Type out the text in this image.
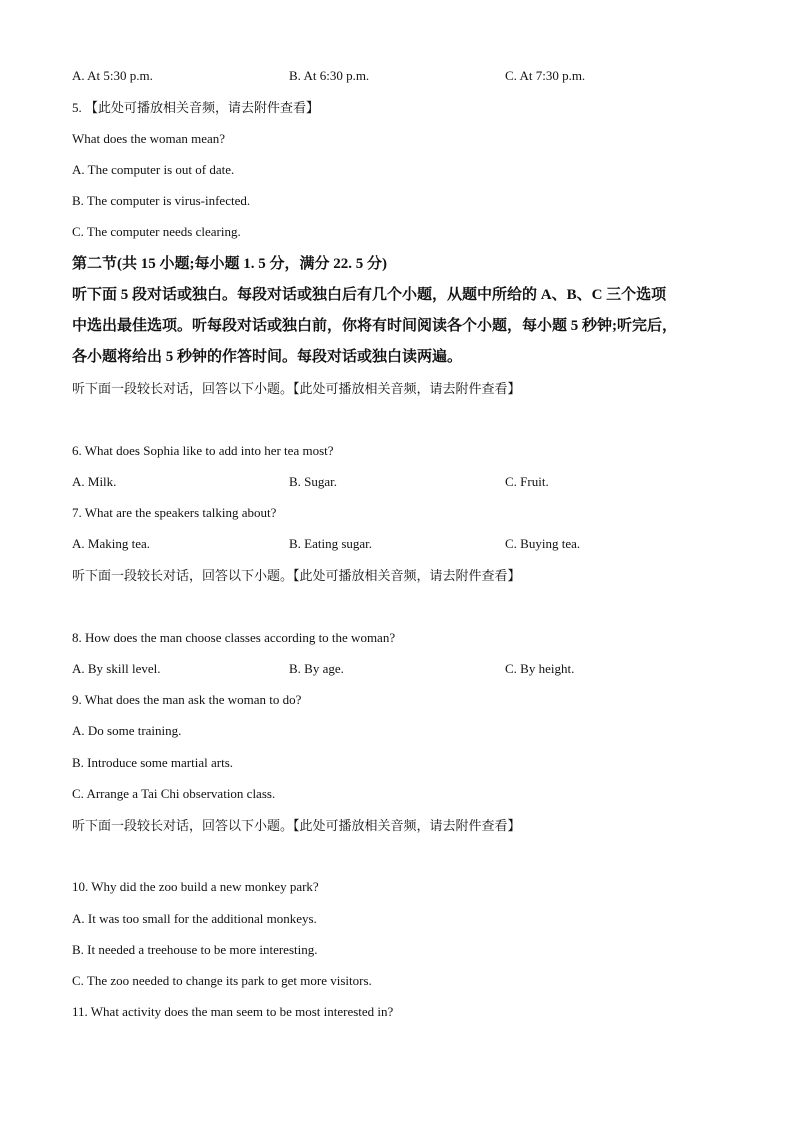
A. At 5:30 p.m.	B. At 6:30 p.m.	C. At 7:30 p.m.
5. 【此处可播放相关音频，请去附件查看】
What does the woman mean?
A. The computer is out of date.
B. The computer is virus-infected.
C. The computer needs clearing.
第二节(共 15 小题;每小题 1. 5 分，满分 22. 5 分)
听下面 5 段对话或独白。每段对话或独白后有几个小题，从题中所给的 A、B、C 三个选项
中选出最佳选项。听每段对话或独白前，你将有时间阅读各个小题，每小题 5 秒钟;听完后，
各小题将给出 5 秒钟的作答时间。每段对话或独白读两遍。
听下面一段较长对话，回答以下小题。【此处可播放相关音频，请去附件查看】
6. What does Sophia like to add into her tea most?
A. Milk.	B. Sugar.	C. Fruit.
7. What are the speakers talking about?
A. Making tea.	B. Eating sugar.	C. Buying tea.
听下面一段较长对话，回答以下小题。【此处可播放相关音频，请去附件查看】
8. How does the man choose classes according to the woman?
A. By skill level.	B. By age.	C. By height.
9. What does the man ask the woman to do?
A. Do some training.
B. Introduce some martial arts.
C. Arrange a Tai Chi observation class.
听下面一段较长对话，回答以下小题。【此处可播放相关音频，请去附件查看】
10. Why did the zoo build a new monkey park?
A. It was too small for the additional monkeys.
B. It needed a treehouse to be more interesting.
C. The zoo needed to change its park to get more visitors.
11. What activity does the man seem to be most interested in?
